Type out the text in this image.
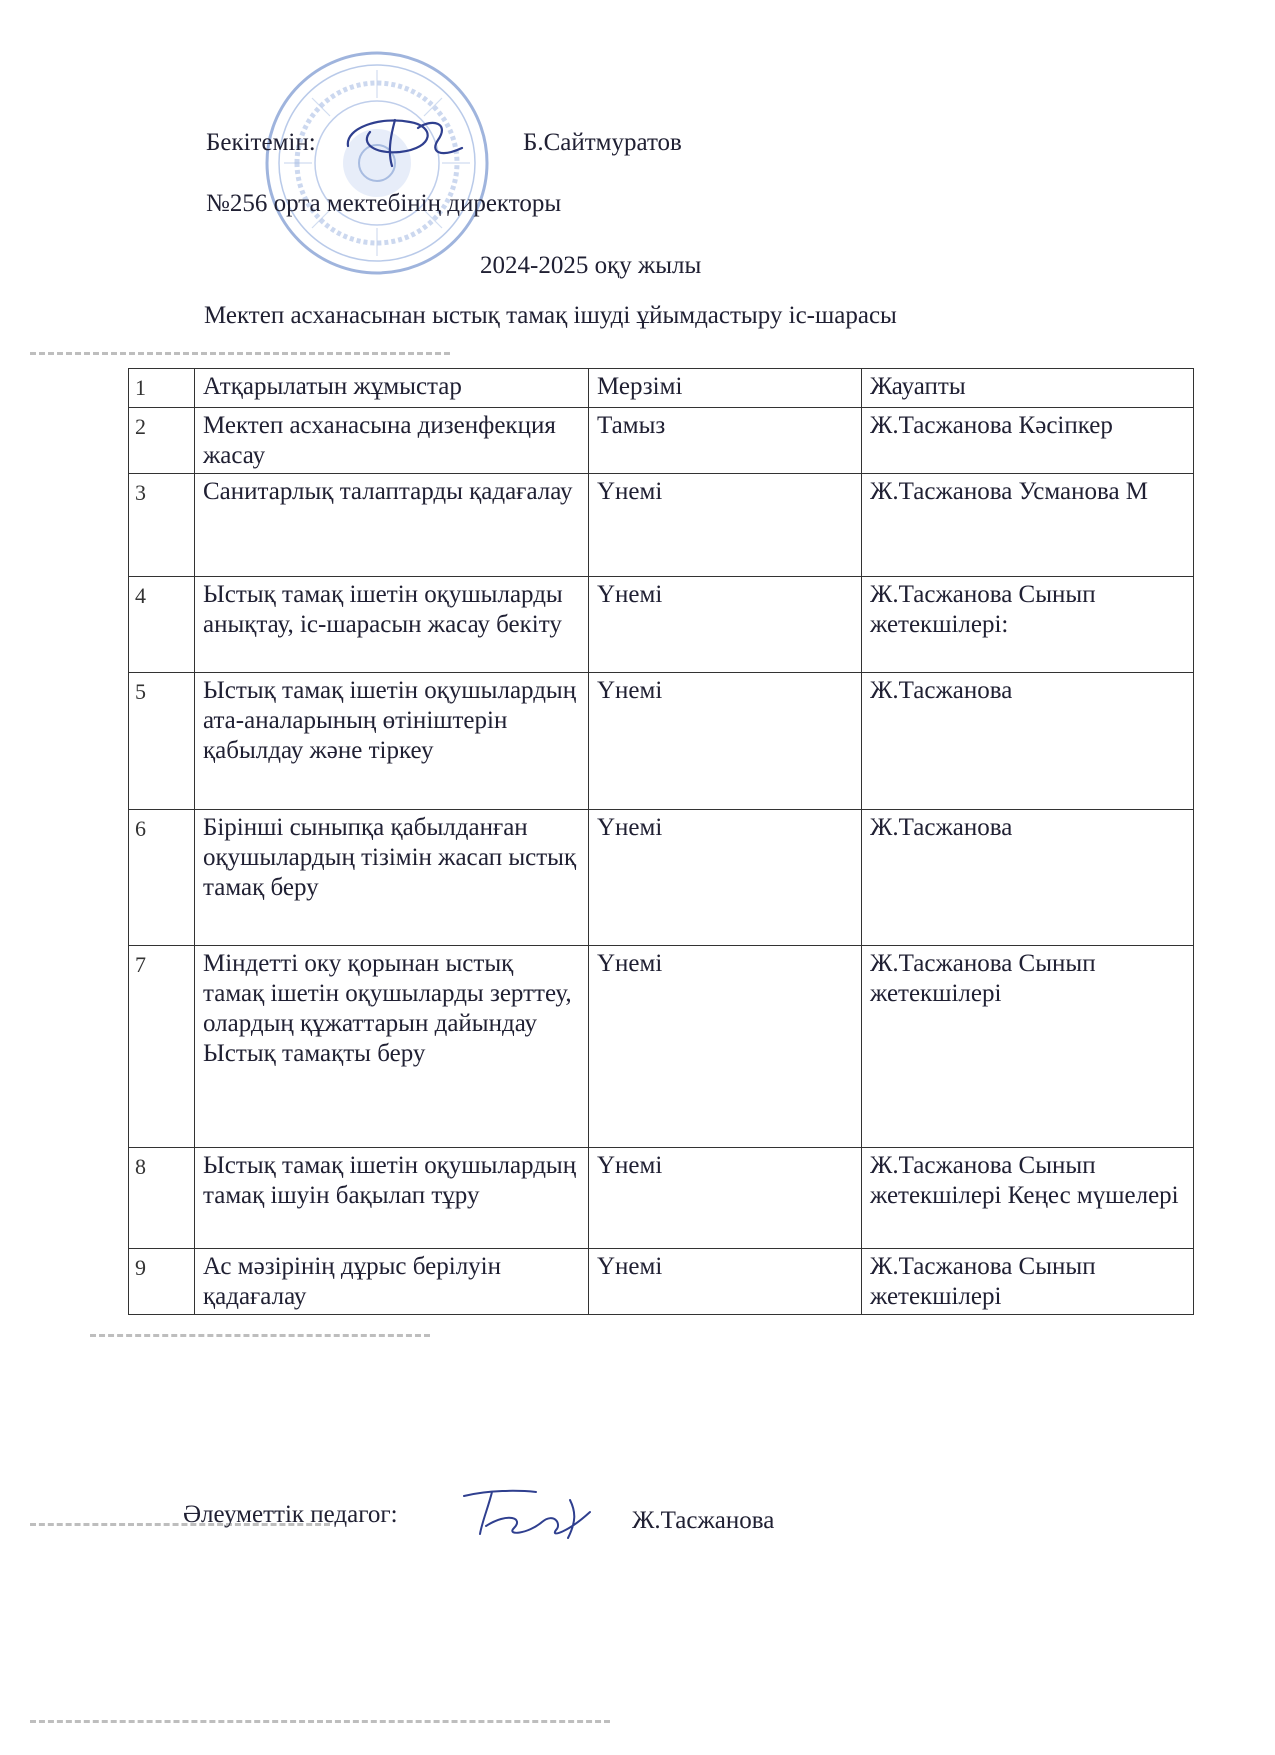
Бекітемін:	Б.Сайтмуратов
№256 орта мектебінің директоры
2024-2025 оқу жылы
Мектеп асханасынан ыстық тамақ ішуді ұйымдастыру іс-шарасы
1	Атқарылатын жұмыстар	Мерзімі	Жауапты
2	Мектеп асханасына дизенфекция жасау	Тамыз	Ж.Тасжанова Кәсіпкер
3	Санитарлық талаптарды қадағалау	Үнемі	Ж.Тасжанова Усманова М
4	Ыстық тамақ ішетін оқушыларды анықтау, іс-шарасын жасау бекіту	Үнемі	Ж.Тасжанова Сынып жетекшілері:
5	Ыстық тамақ ішетін оқушылардың ата-аналарының өтініштерін қабылдау және тіркеу	Үнемі	Ж.Тасжанова
6	Бірінші сыныпқа қабылданған оқушылардың тізімін жасап ыстық тамақ беру	Үнемі	Ж.Тасжанова
7	Міндетті оку қорынан ыстық тамақ ішетін оқушыларды зерттеу, олардың құжаттарын дайындау Ыстық тамақты беру	Үнемі	Ж.Тасжанова Сынып жетекшілері
8	Ыстық тамақ ішетін оқушылардың тамақ ішуін бақылап тұру	Үнемі	Ж.Тасжанова Сынып жетекшілері Кеңес мүшелері
9	Ас мәзірінің дұрыс берілуін қадағалау	Үнемі	Ж.Тасжанова Сынып жетекшілері
Әлеуметтік педагог:	Ж.Тасжанова
